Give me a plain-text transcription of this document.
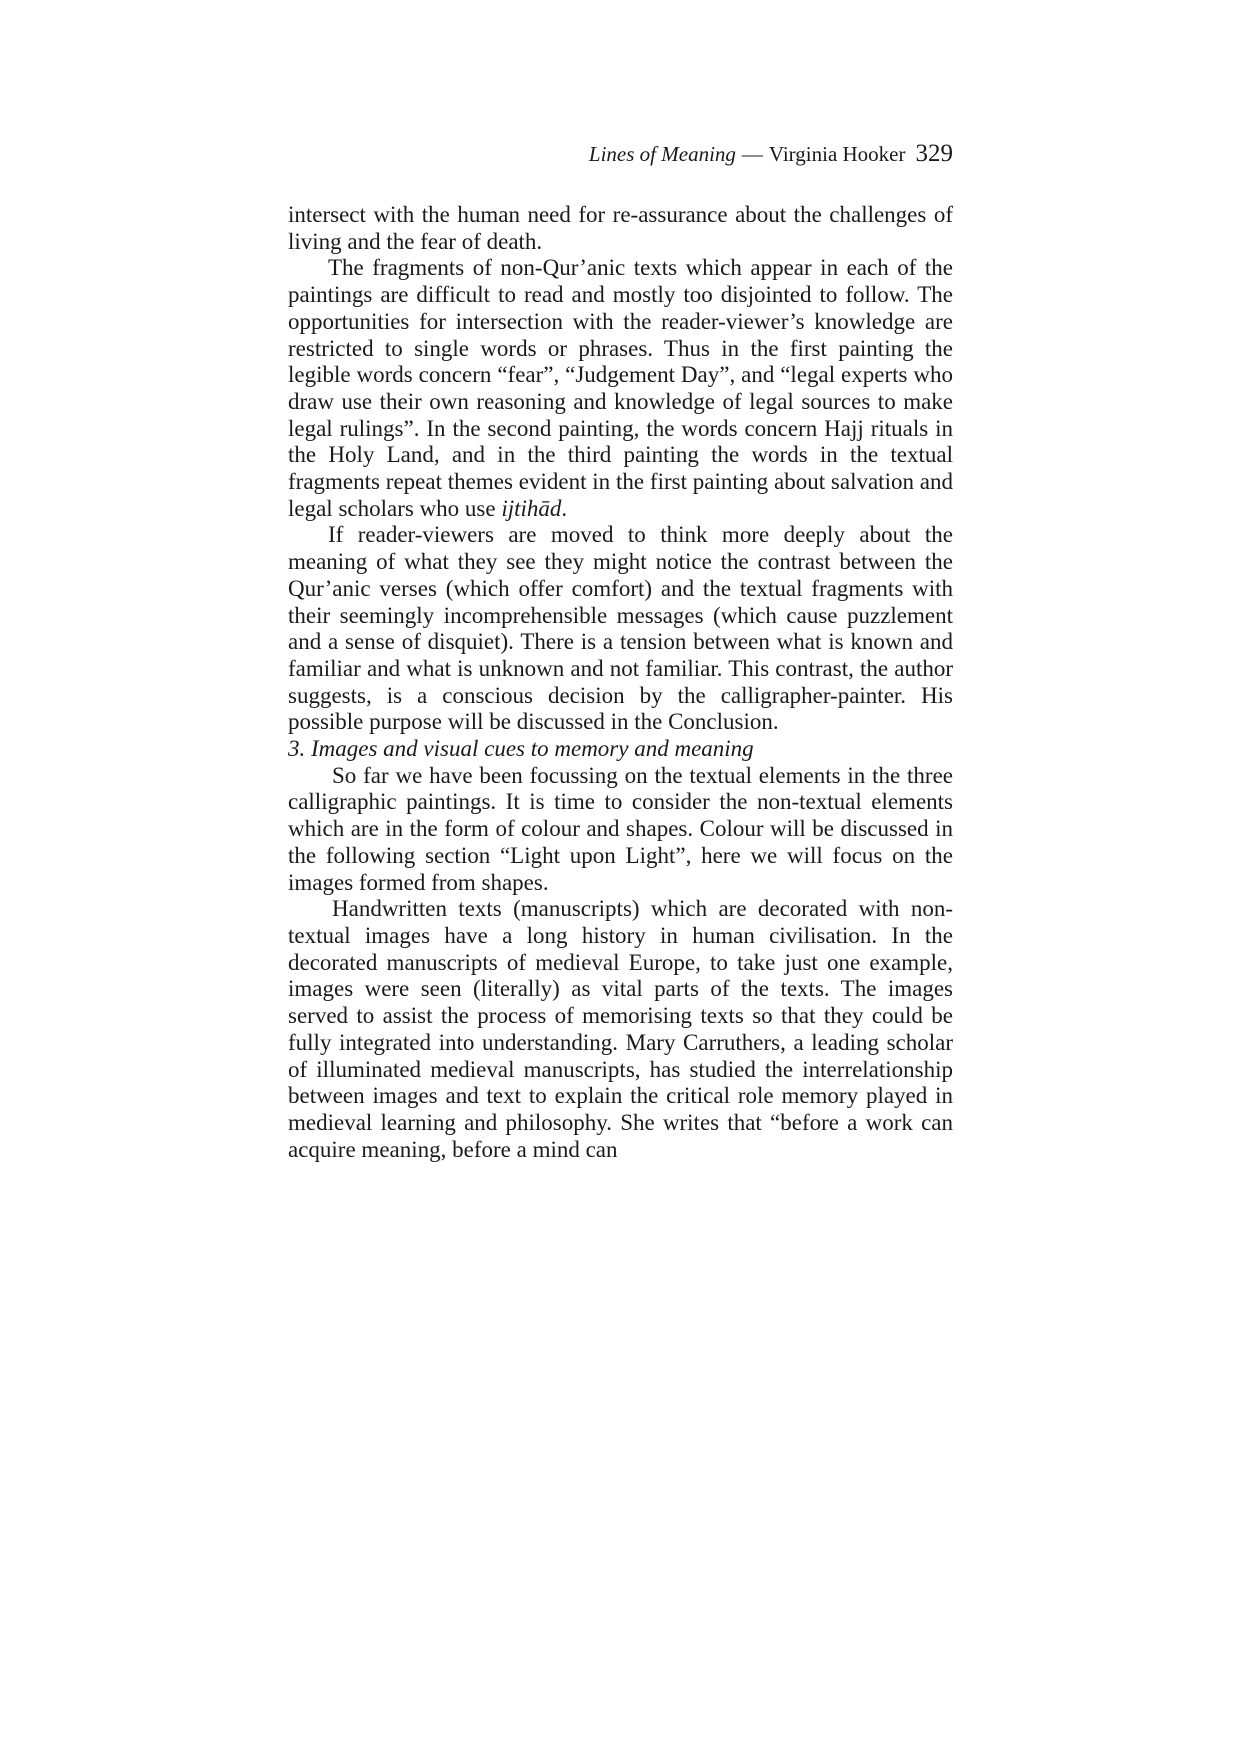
Lines of Meaning — Virginia Hooker 329

intersect with the human need for re-assurance about the challenges of living and the fear of death.

The fragments of non-Qur’anic texts which appear in each of the paintings are difficult to read and mostly too disjointed to follow. The opportunities for intersection with the reader-viewer’s knowledge are restricted to single words or phrases. Thus in the first painting the legible words concern “fear”, “Judgement Day”, and “legal experts who draw use their own reasoning and knowledge of legal sources to make legal rulings”. In the second painting, the words concern Hajj rituals in the Holy Land, and in the third painting the words in the textual fragments repeat themes evident in the first painting about salvation and legal scholars who use ijtihād.

If reader-viewers are moved to think more deeply about the meaning of what they see they might notice the contrast between the Qur’anic verses (which offer comfort) and the textual fragments with their seemingly incomprehensible messages (which cause puzzlement and a sense of disquiet). There is a tension between what is known and familiar and what is unknown and not familiar. This contrast, the author suggests, is a conscious decision by the calligrapher-painter. His possible purpose will be discussed in the Conclusion.

3. Images and visual cues to memory and meaning

So far we have been focussing on the textual elements in the three calligraphic paintings. It is time to consider the non-textual elements which are in the form of colour and shapes. Colour will be discussed in the following section “Light upon Light”, here we will focus on the images formed from shapes.

Handwritten texts (manuscripts) which are decorated with non-textual images have a long history in human civilisation. In the decorated manuscripts of medieval Europe, to take just one example, images were seen (literally) as vital parts of the texts. The images served to assist the process of memorising texts so that they could be fully integrated into understanding. Mary Carruthers, a leading scholar of illuminated medieval manuscripts, has studied the interrelationship between images and text to explain the critical role memory played in medieval learning and philosophy. She writes that “before a work can acquire meaning, before a mind can
